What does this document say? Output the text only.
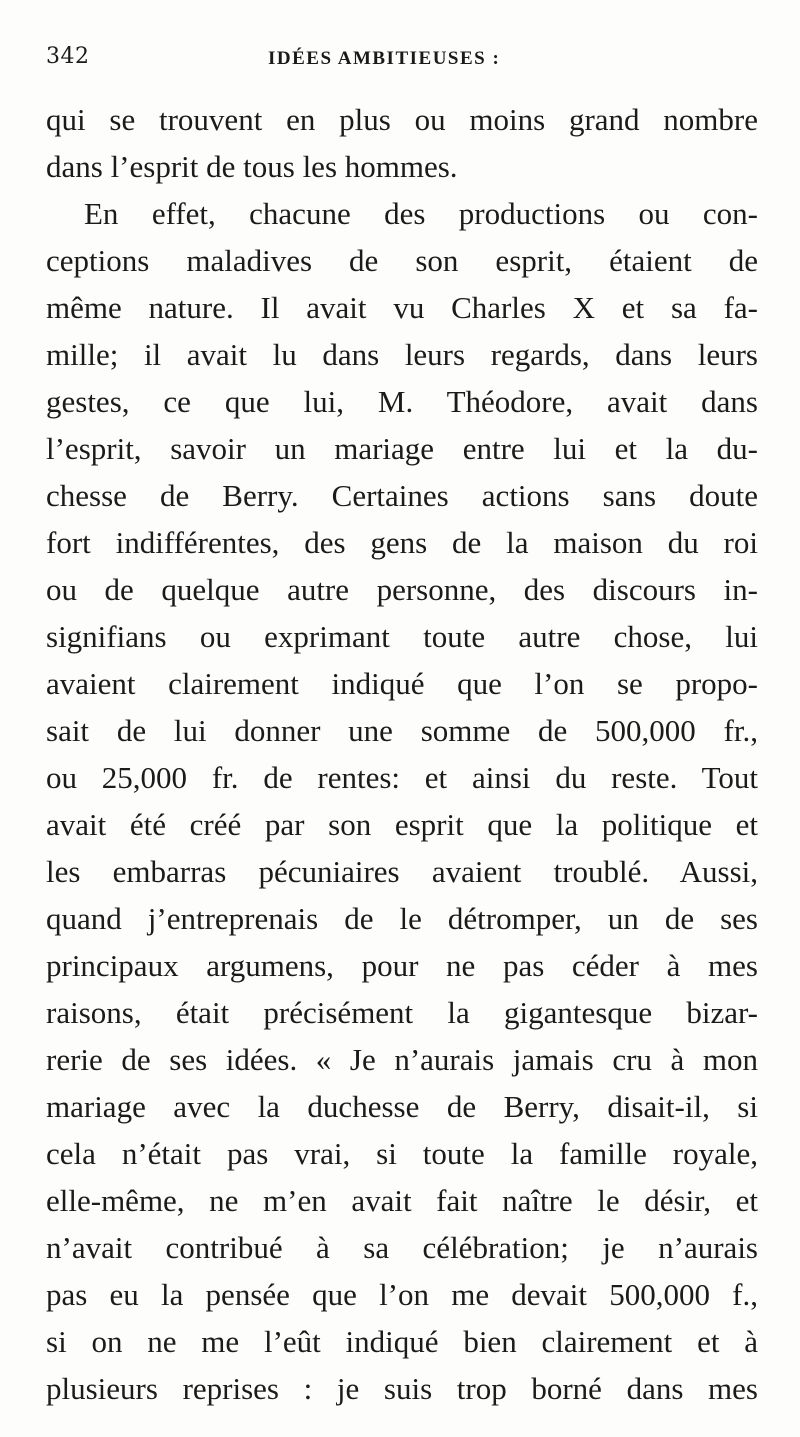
342	IDÉES AMBITIEUSES :
qui se trouvent en plus ou moins grand nombre
dans l’esprit de tous les hommes.
En effet, chacune des productions ou con-
ceptions maladives de son esprit, étaient de
même nature. Il avait vu Charles X et sa fa-
mille; il avait lu dans leurs regards, dans leurs
gestes, ce que lui, M. Théodore, avait dans
l’esprit, savoir un mariage entre lui et la du-
chesse de Berry. Certaines actions sans doute
fort indifférentes, des gens de la maison du roi
ou de quelque autre personne, des discours in-
signifians ou exprimant toute autre chose, lui
avaient clairement indiqué que l’on se propo-
sait de lui donner une somme de 500,000 fr.,
ou 25,000 fr. de rentes: et ainsi du reste. Tout
avait été créé par son esprit que la politique et
les embarras pécuniaires avaient troublé. Aussi,
quand j’entreprenais de le détromper, un de ses
principaux argumens, pour ne pas céder à mes
raisons, était précisément la gigantesque bizar-
rerie de ses idées. « Je n’aurais jamais cru à mon
mariage avec la duchesse de Berry, disait-il, si
cela n’était pas vrai, si toute la famille royale,
elle-même, ne m’en avait fait naître le désir, et
n’avait contribué à sa célébration; je n’aurais
pas eu la pensée que l’on me devait 500,000 f.,
si on ne me l’eût indiqué bien clairement et à
plusieurs reprises : je suis trop borné dans mes
